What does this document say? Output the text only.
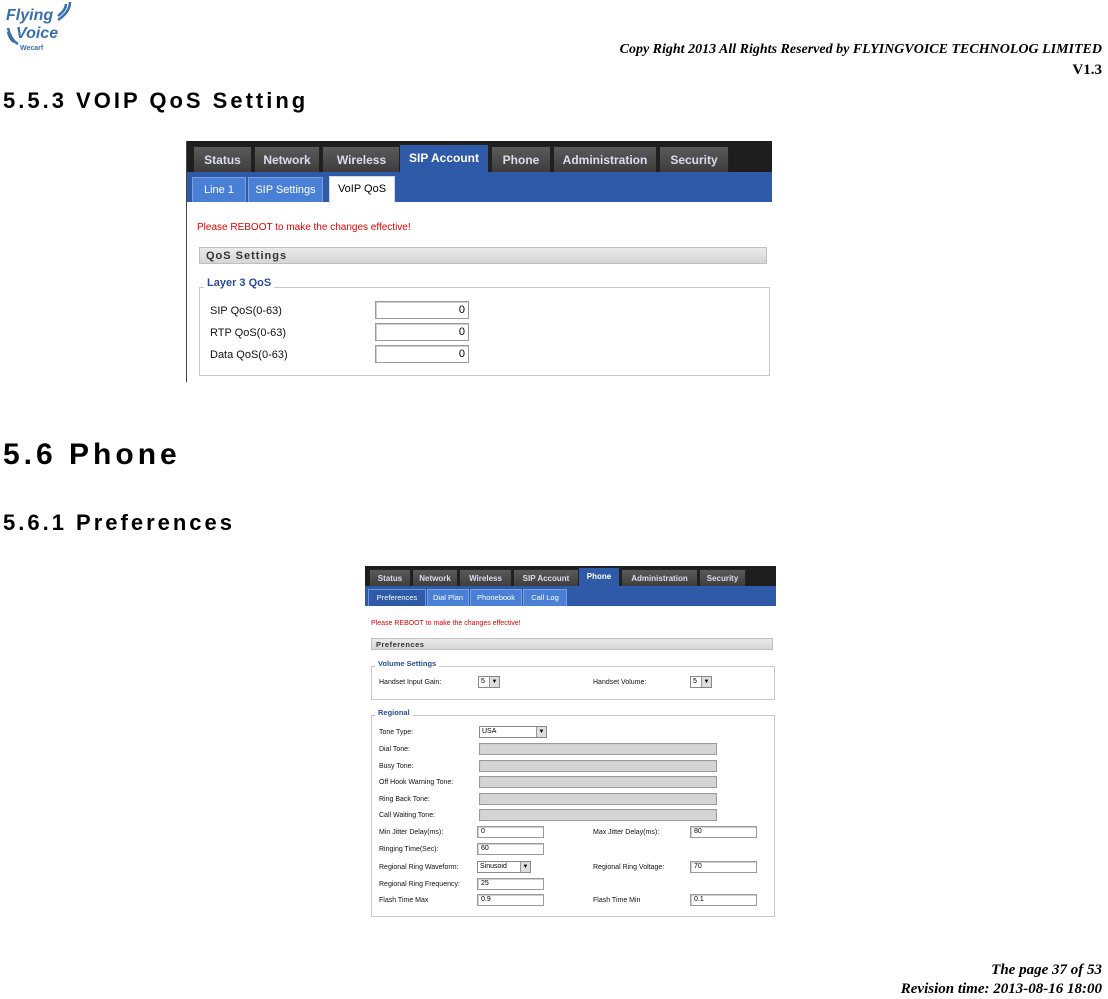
Flying
Voice
Wecarf	Copy Right 2013 All Rights Reserved by FLYINGVOICE TECHNOLOG LIMITED
V1.3
5.5.3 VOIP QoS Setting
Status	Network	Wireless	SIP Account	Phone	Administration	Security
Line 1	SIP Settings	VoIP QoS
Please REBOOT to make the changes effective!
QoS Settings
Layer 3 QoS
SIP QoS(0-63)	0
RTP QoS(0-63)	0
Data QoS(0-63)	0
5.6 Phone
5.6.1 Preferences
Status	Network	Wireless	SIP Account	Phone	Administration	Security
Preferences	Dial Plan	Phonebook	Call Log
Please REBOOT to make the changes effective!
Preferences
Volume Settings
Handset Input Gain:	5	▼	Handset Volume:	5	▼
Regional
Tone Type:	USA	▼
Dial Tone:
Busy Tone:
Off Hook Warning Tone:
Ring Back Tone:
Call Waiting Tone:
Min Jitter Delay(ms):	0	Max Jitter Delay(ms):	80
Ringing Time(Sec):	60
Regional Ring Waveform:	Sinusoid	▼	Regional Ring Voltage:	70
Regional Ring Frequency:	25
Flash Time Max	0.9	Flash Time Min	0.1
The page 37 of 53
Revision time: 2013-08-16 18:00
